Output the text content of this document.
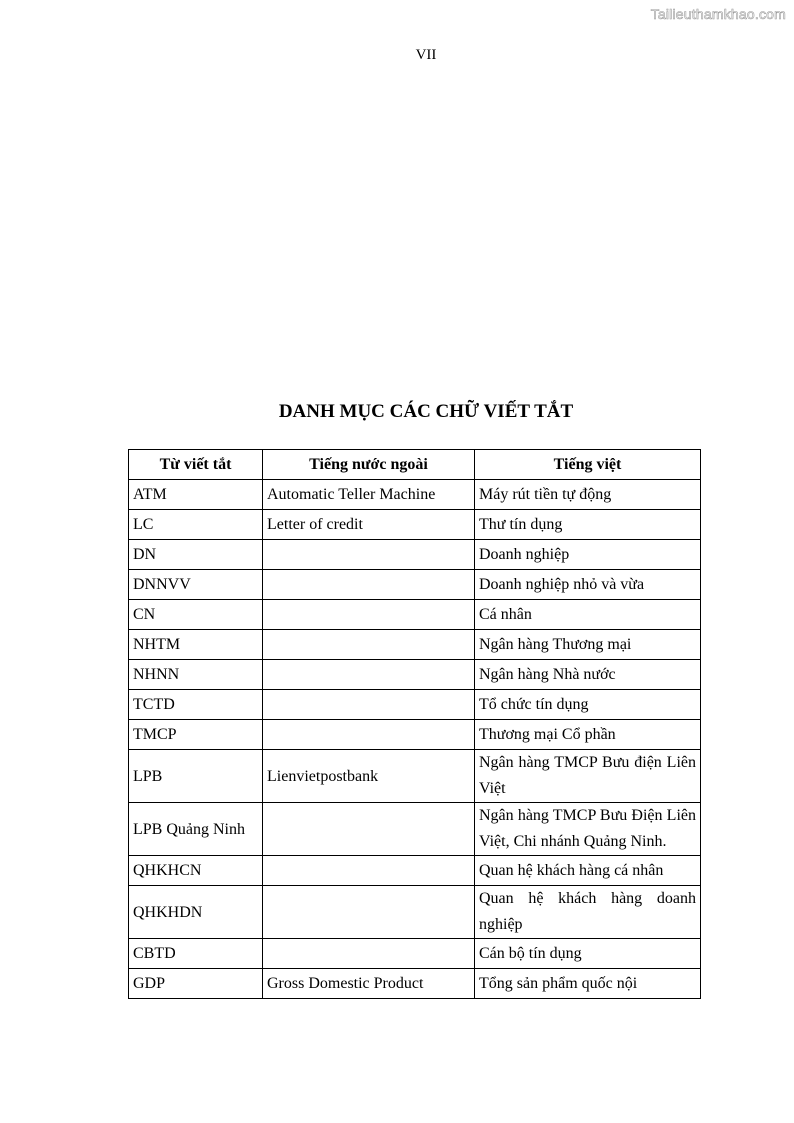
Tailieuthamkhao.com
VII
DANH MỤC CÁC CHỮ VIẾT TẮT
Từ viết tắt	Tiếng nước ngoài	Tiếng việt
ATM	Automatic Teller Machine	Máy rút tiền tự động
LC	Letter of credit	Thư tín dụng
DN		Doanh nghiệp
DNNVV		Doanh nghiệp nhỏ và vừa
CN		Cá nhân
NHTM		Ngân hàng Thương mại
NHNN		Ngân hàng Nhà nước
TCTD		Tổ chức tín dụng
TMCP		Thương mại Cổ phần
LPB	Lienvietpostbank	Ngân hàng TMCP Bưu điện Liên Việt
LPB Quảng Ninh		Ngân hàng TMCP Bưu Điện Liên Việt, Chi nhánh Quảng Ninh.
QHKHCN		Quan hệ khách hàng cá nhân
QHKHDN		Quan hệ khách hàng doanh nghiệp
CBTD		Cán bộ tín dụng
GDP	Gross Domestic Product	Tổng sản phẩm quốc nội
